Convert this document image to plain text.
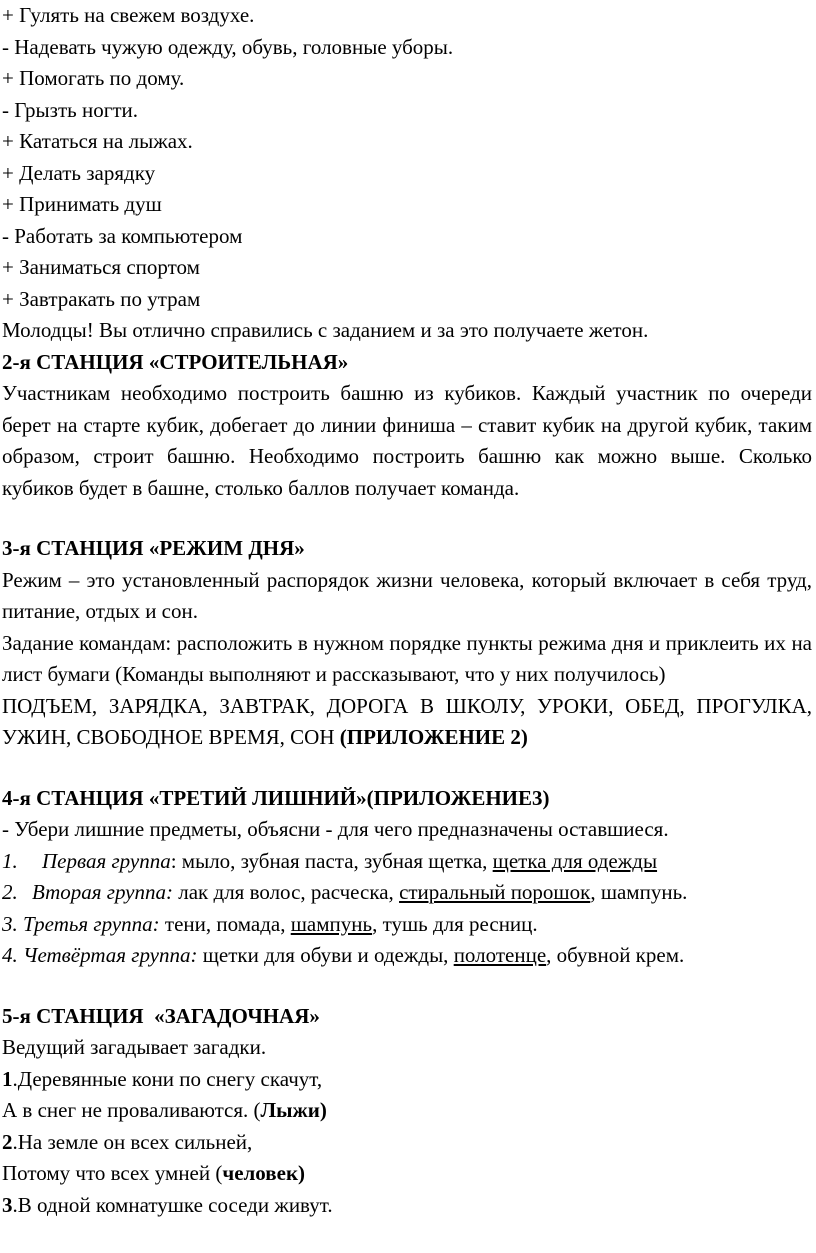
+ Гулять на свежем воздухе.
- Надевать чужую одежду, обувь, головные уборы.
+ Помогать по дому.
- Грызть ногти.
+ Кататься на лыжах.
+ Делать зарядку
+ Принимать душ
- Работать за компьютером
+ Заниматься спортом
+ Завтракать по утрам
Молодцы! Вы отлично справились с заданием и за это получаете жетон.
2-я СТАНЦИЯ «СТРОИТЕЛЬНАЯ»
Участникам необходимо построить башню из кубиков. Каждый участник по очереди берет на старте кубик, добегает до линии финиша – ставит кубик на другой кубик, таким образом, строит башню. Необходимо построить башню как можно выше. Сколько кубиков будет в башне, столько баллов получает команда.
3-я СТАНЦИЯ «РЕЖИМ ДНЯ»
Режим – это установленный распорядок жизни человека, который включает в себя труд, питание, отдых и сон.
Задание командам: расположить в нужном порядке пункты режима дня и приклеить их на лист бумаги (Команды выполняют и рассказывают, что у них получилось)
ПОДЪЕМ, ЗАРЯДКА, ЗАВТРАК, ДОРОГА В ШКОЛУ, УРОКИ, ОБЕД, ПРОГУЛКА, УЖИН, СВОБОДНОЕ ВРЕМЯ, СОН (ПРИЛОЖЕНИЕ 2)
4-я СТАНЦИЯ «ТРЕТИЙ ЛИШНИЙ»(ПРИЛОЖЕНИЕ3)
- Убери лишние предметы, объясни - для чего предназначены оставшиеся.
1. Первая группа: мыло, зубная паста, зубная щетка, щетка для одежды
2. Вторая группа: лак для волос, расческа, стиральный порошок, шампунь.
3. Третья группа: тени, помада, шампунь, тушь для ресниц.
4. Четвёртая группа: щетки для обуви и одежды, полотенце, обувной крем.
5-я СТАНЦИЯ  «ЗАГАДОЧНАЯ»
Ведущий загадывает загадки.
1.Деревянные кони по снегу скачут,
А в снег не проваливаются. (Лыжи)
2.На земле он всех сильней,
Потому что всех умней (человек)
3.В одной комнатушке соседи живут.
